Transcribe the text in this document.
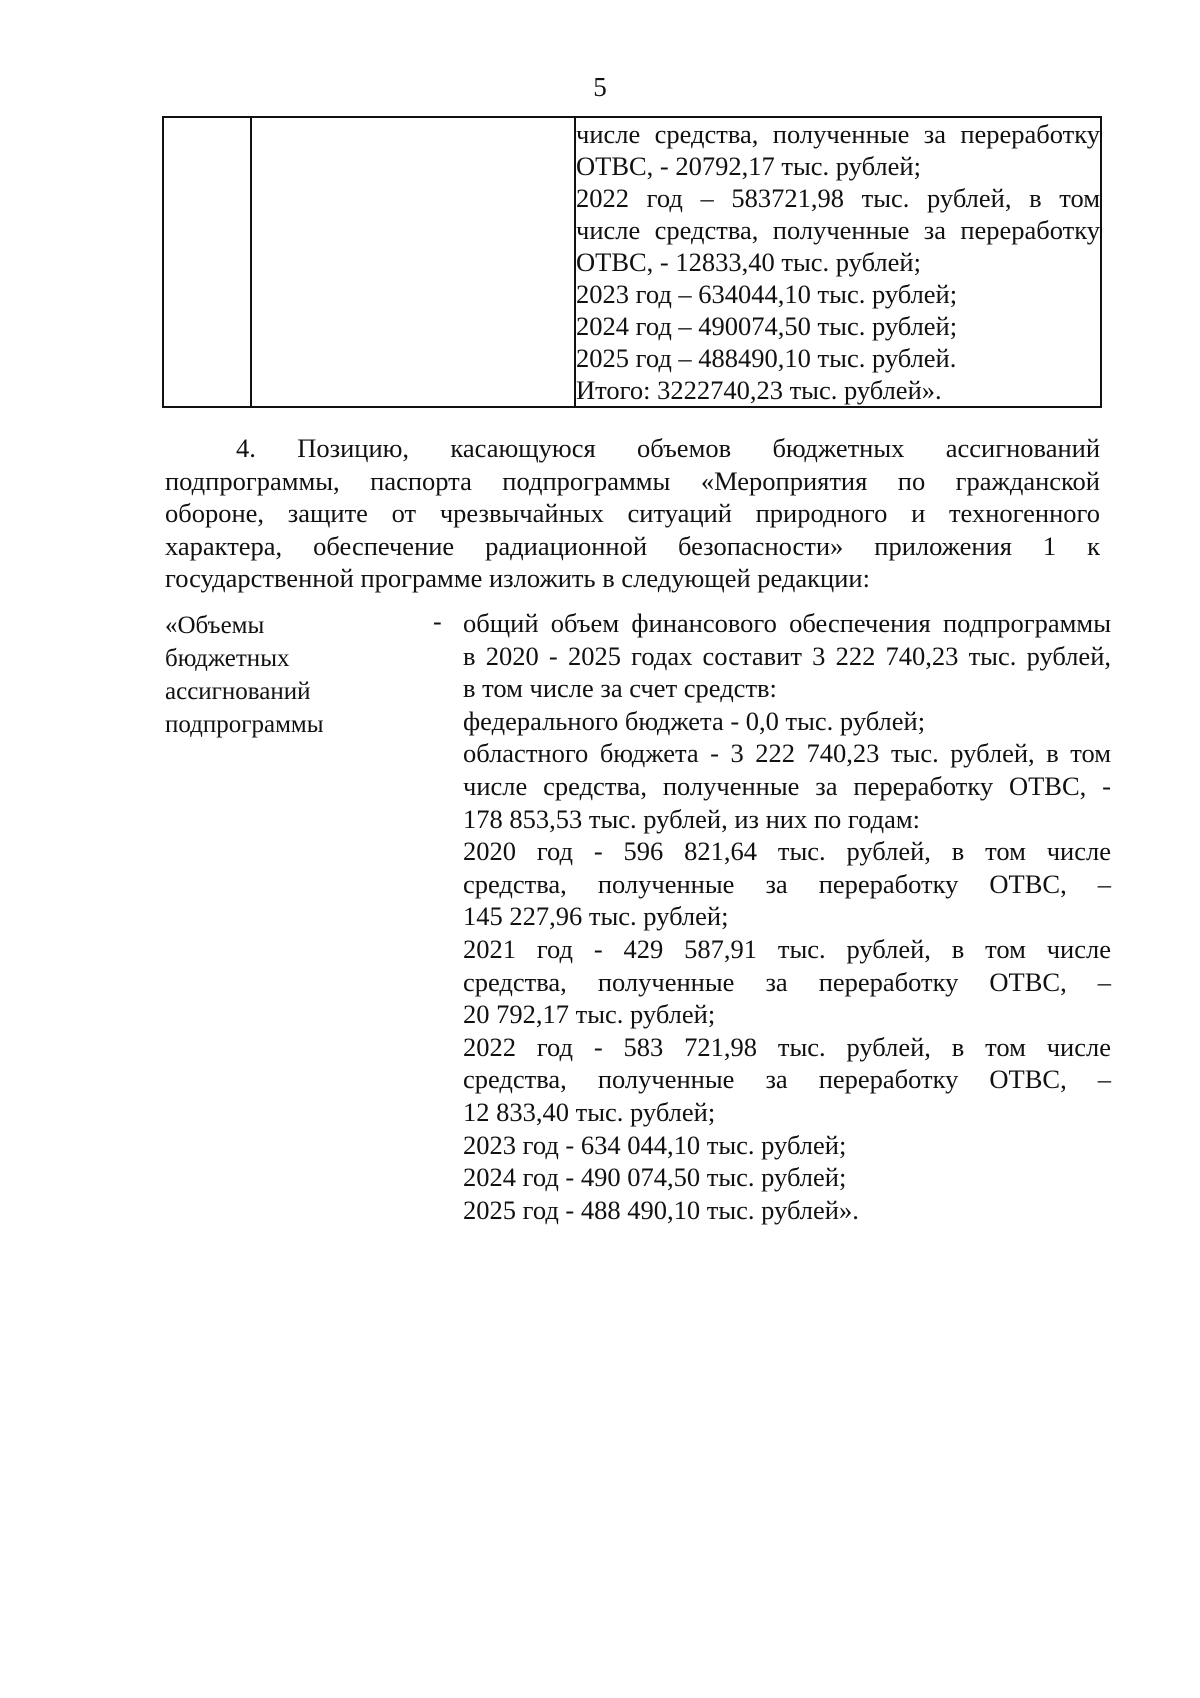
5

числе средства, полученные за переработку
ОТВС, - 20792,17 тыс. рублей;
2022 год – 583721,98 тыс. рублей, в том
числе средства, полученные за переработку
ОТВС, - 12833,40 тыс. рублей;
2023 год – 634044,10 тыс. рублей;
2024 год – 490074,50 тыс. рублей;
2025 год – 488490,10 тыс. рублей.
Итого: 3222740,23 тыс. рублей».
4. Позицию, касающуюся объемов бюджетных ассигнований
подпрограммы, паспорта подпрограммы «Мероприятия по гражданской
обороне, защите от чрезвычайных ситуаций природного и техногенного
характера, обеспечение радиационной безопасности» приложения 1 к
государственной программе изложить в следующей редакции:
«Объемы
бюджетных
ассигнований
подпрограммы
- общий объем финансового обеспечения подпрограммы
в 2020 - 2025 годах составит 3 222 740,23 тыс. рублей,
в том числе за счет средств:
федерального бюджета - 0,0 тыс. рублей;
областного бюджета - 3 222 740,23 тыс. рублей, в том
числе средства, полученные за переработку ОТВС, -
178 853,53 тыс. рублей, из них по годам:
2020 год - 596 821,64 тыс. рублей, в том числе
средства, полученные за переработку ОТВС, –
145 227,96 тыс. рублей;
2021 год - 429 587,91 тыс. рублей, в том числе
средства, полученные за переработку ОТВС, –
20 792,17 тыс. рублей;
2022 год - 583 721,98 тыс. рублей, в том числе
средства, полученные за переработку ОТВС, –
12 833,40 тыс. рублей;
2023 год - 634 044,10 тыс. рублей;
2024 год - 490 074,50 тыс. рублей;
2025 год - 488 490,10 тыс. рублей».
